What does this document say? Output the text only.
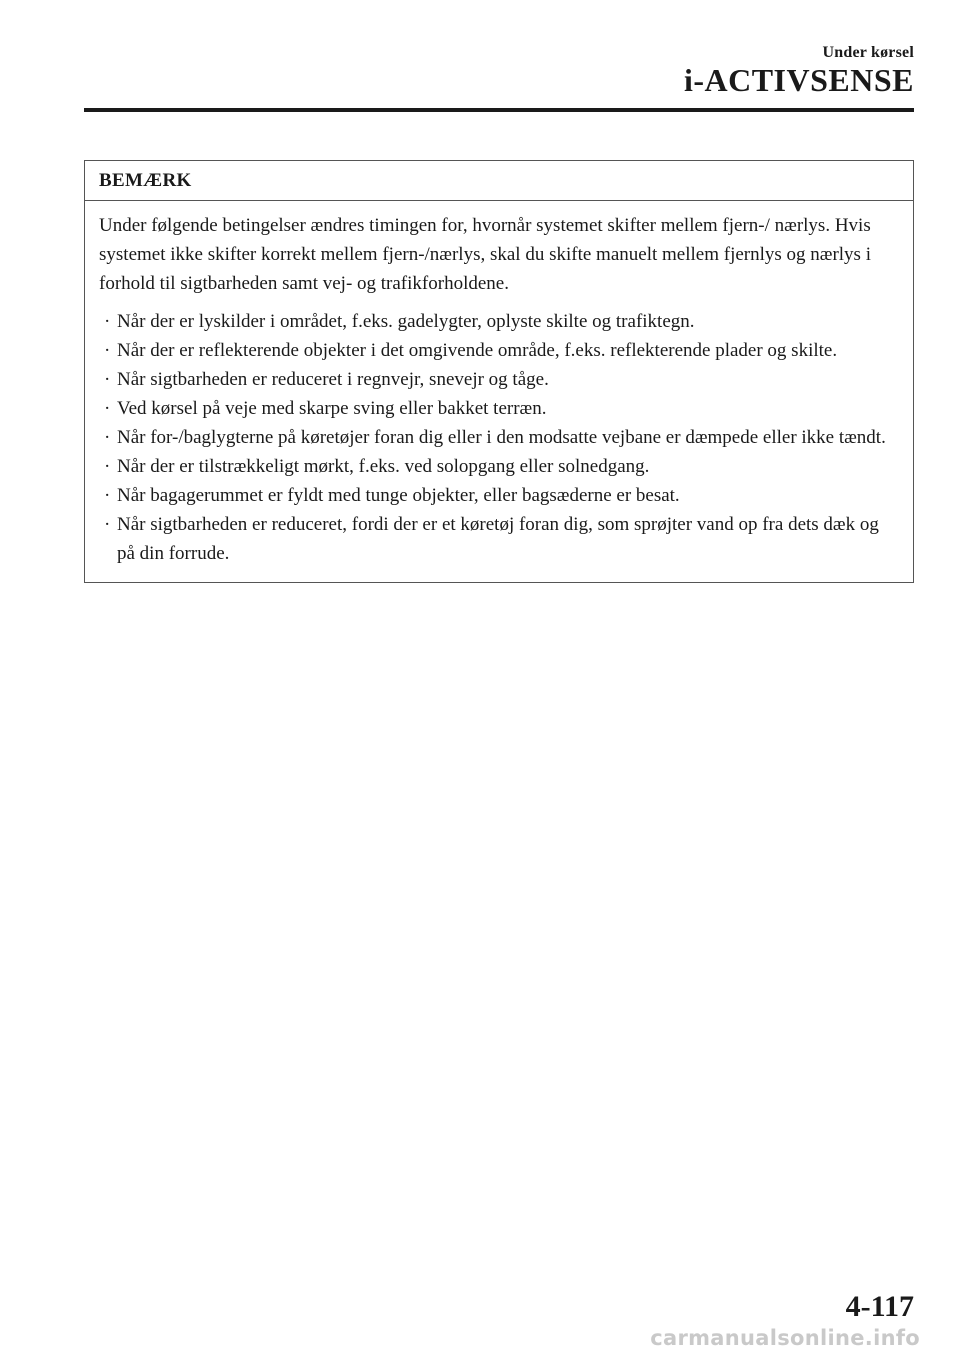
Under kørsel
i-ACTIVSENSE
BEMÆRK

Under følgende betingelser ændres timingen for, hvornår systemet skifter mellem fjern-/ nærlys. Hvis systemet ikke skifter korrekt mellem fjern-/nærlys, skal du skifte manuelt mellem fjernlys og nærlys i forhold til sigtbarheden samt vej- og trafikforholdene.

· Når der er lyskilder i området, f.eks. gadelygter, oplyste skilte og trafiktegn.
· Når der er reflekterende objekter i det omgivende område, f.eks. reflekterende plader og skilte.
· Når sigtbarheden er reduceret i regnvejr, snevejr og tåge.
· Ved kørsel på veje med skarpe sving eller bakket terræn.
· Når for-/baglygterne på køretøjer foran dig eller i den modsatte vejbane er dæmpede eller ikke tændt.
· Når der er tilstrækkeligt mørkt, f.eks. ved solopgang eller solnedgang.
· Når bagagerummet er fyldt med tunge objekter, eller bagsæderne er besat.
· Når sigtbarheden er reduceret, fordi der er et køretøj foran dig, som sprøjter vand op fra dets dæk og på din forrude.
4-117
carmanualsonline.info
